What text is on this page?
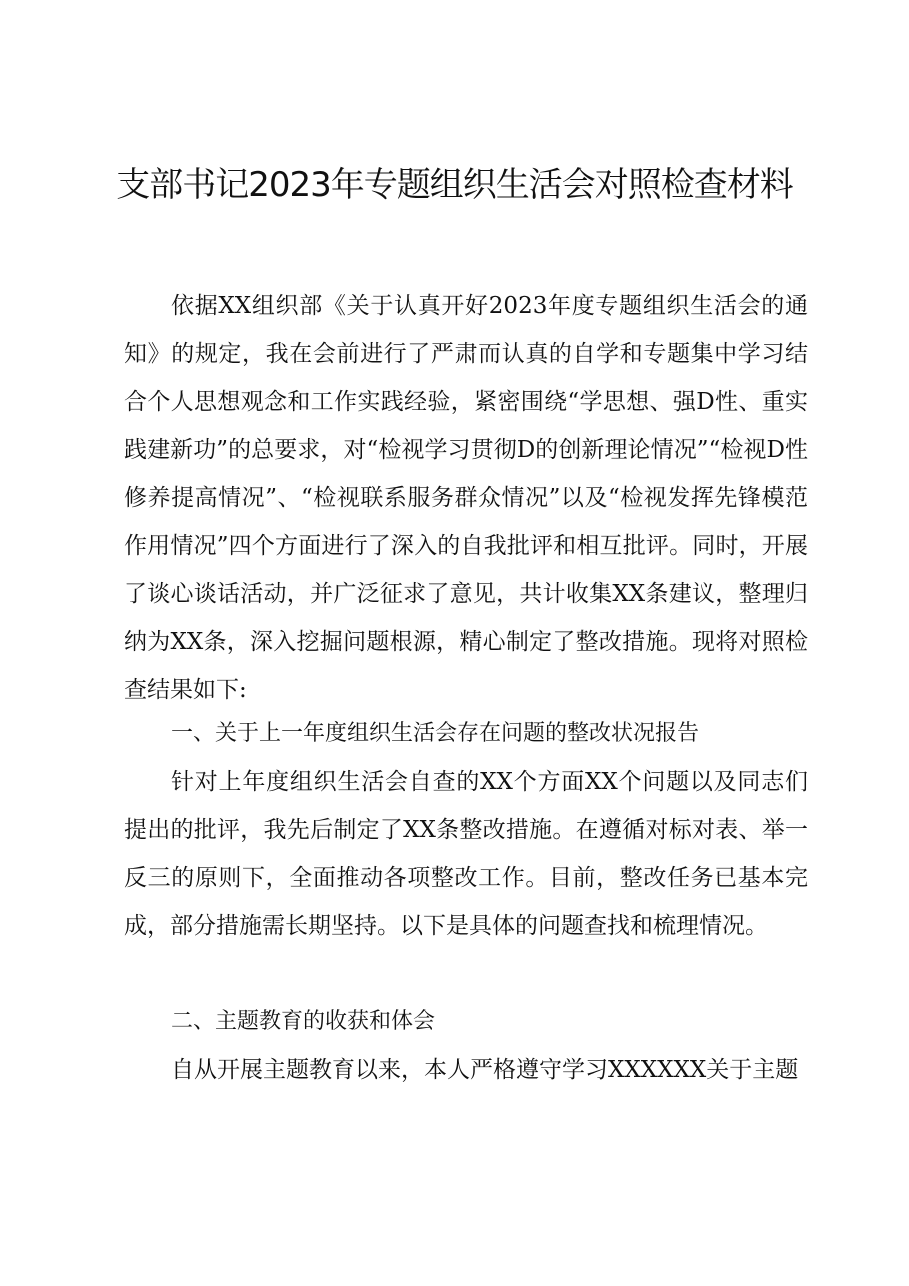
支部书记2023年专题组织生活会对照检查材料

依据XX组织部《关于认真开好2023年度专题组织生活会的通知》的规定，我在会前进行了严肃而认真的自学和专题集中学习结合个人思想观念和工作实践经验，紧密围绕“学思想、强D性、重实践建新功”的总要求，对“检视学习贯彻D的创新理论情况”“检视D性修养提高情况”、“检视联系服务群众情况”以及“检视发挥先锋模范作用情况”四个方面进行了深入的自我批评和相互批评。同时，开展了谈心谈话活动，并广泛征求了意见，共计收集XX条建议，整理归纳为XX条，深入挖掘问题根源，精心制定了整改措施。现将对照检查结果如下:

一、关于上一年度组织生活会存在问题的整改状况报告

针对上年度组织生活会自查的XX个方面XX个问题以及同志们提出的批评，我先后制定了XX条整改措施。在遵循对标对表、举一反三的原则下，全面推动各项整改工作。目前，整改任务已基本完成，部分措施需长期坚持。以下是具体的问题查找和梳理情况。

二、主题教育的收获和体会

自从开展主题教育以来，本人严格遵守学习XXXXXX关于主题
